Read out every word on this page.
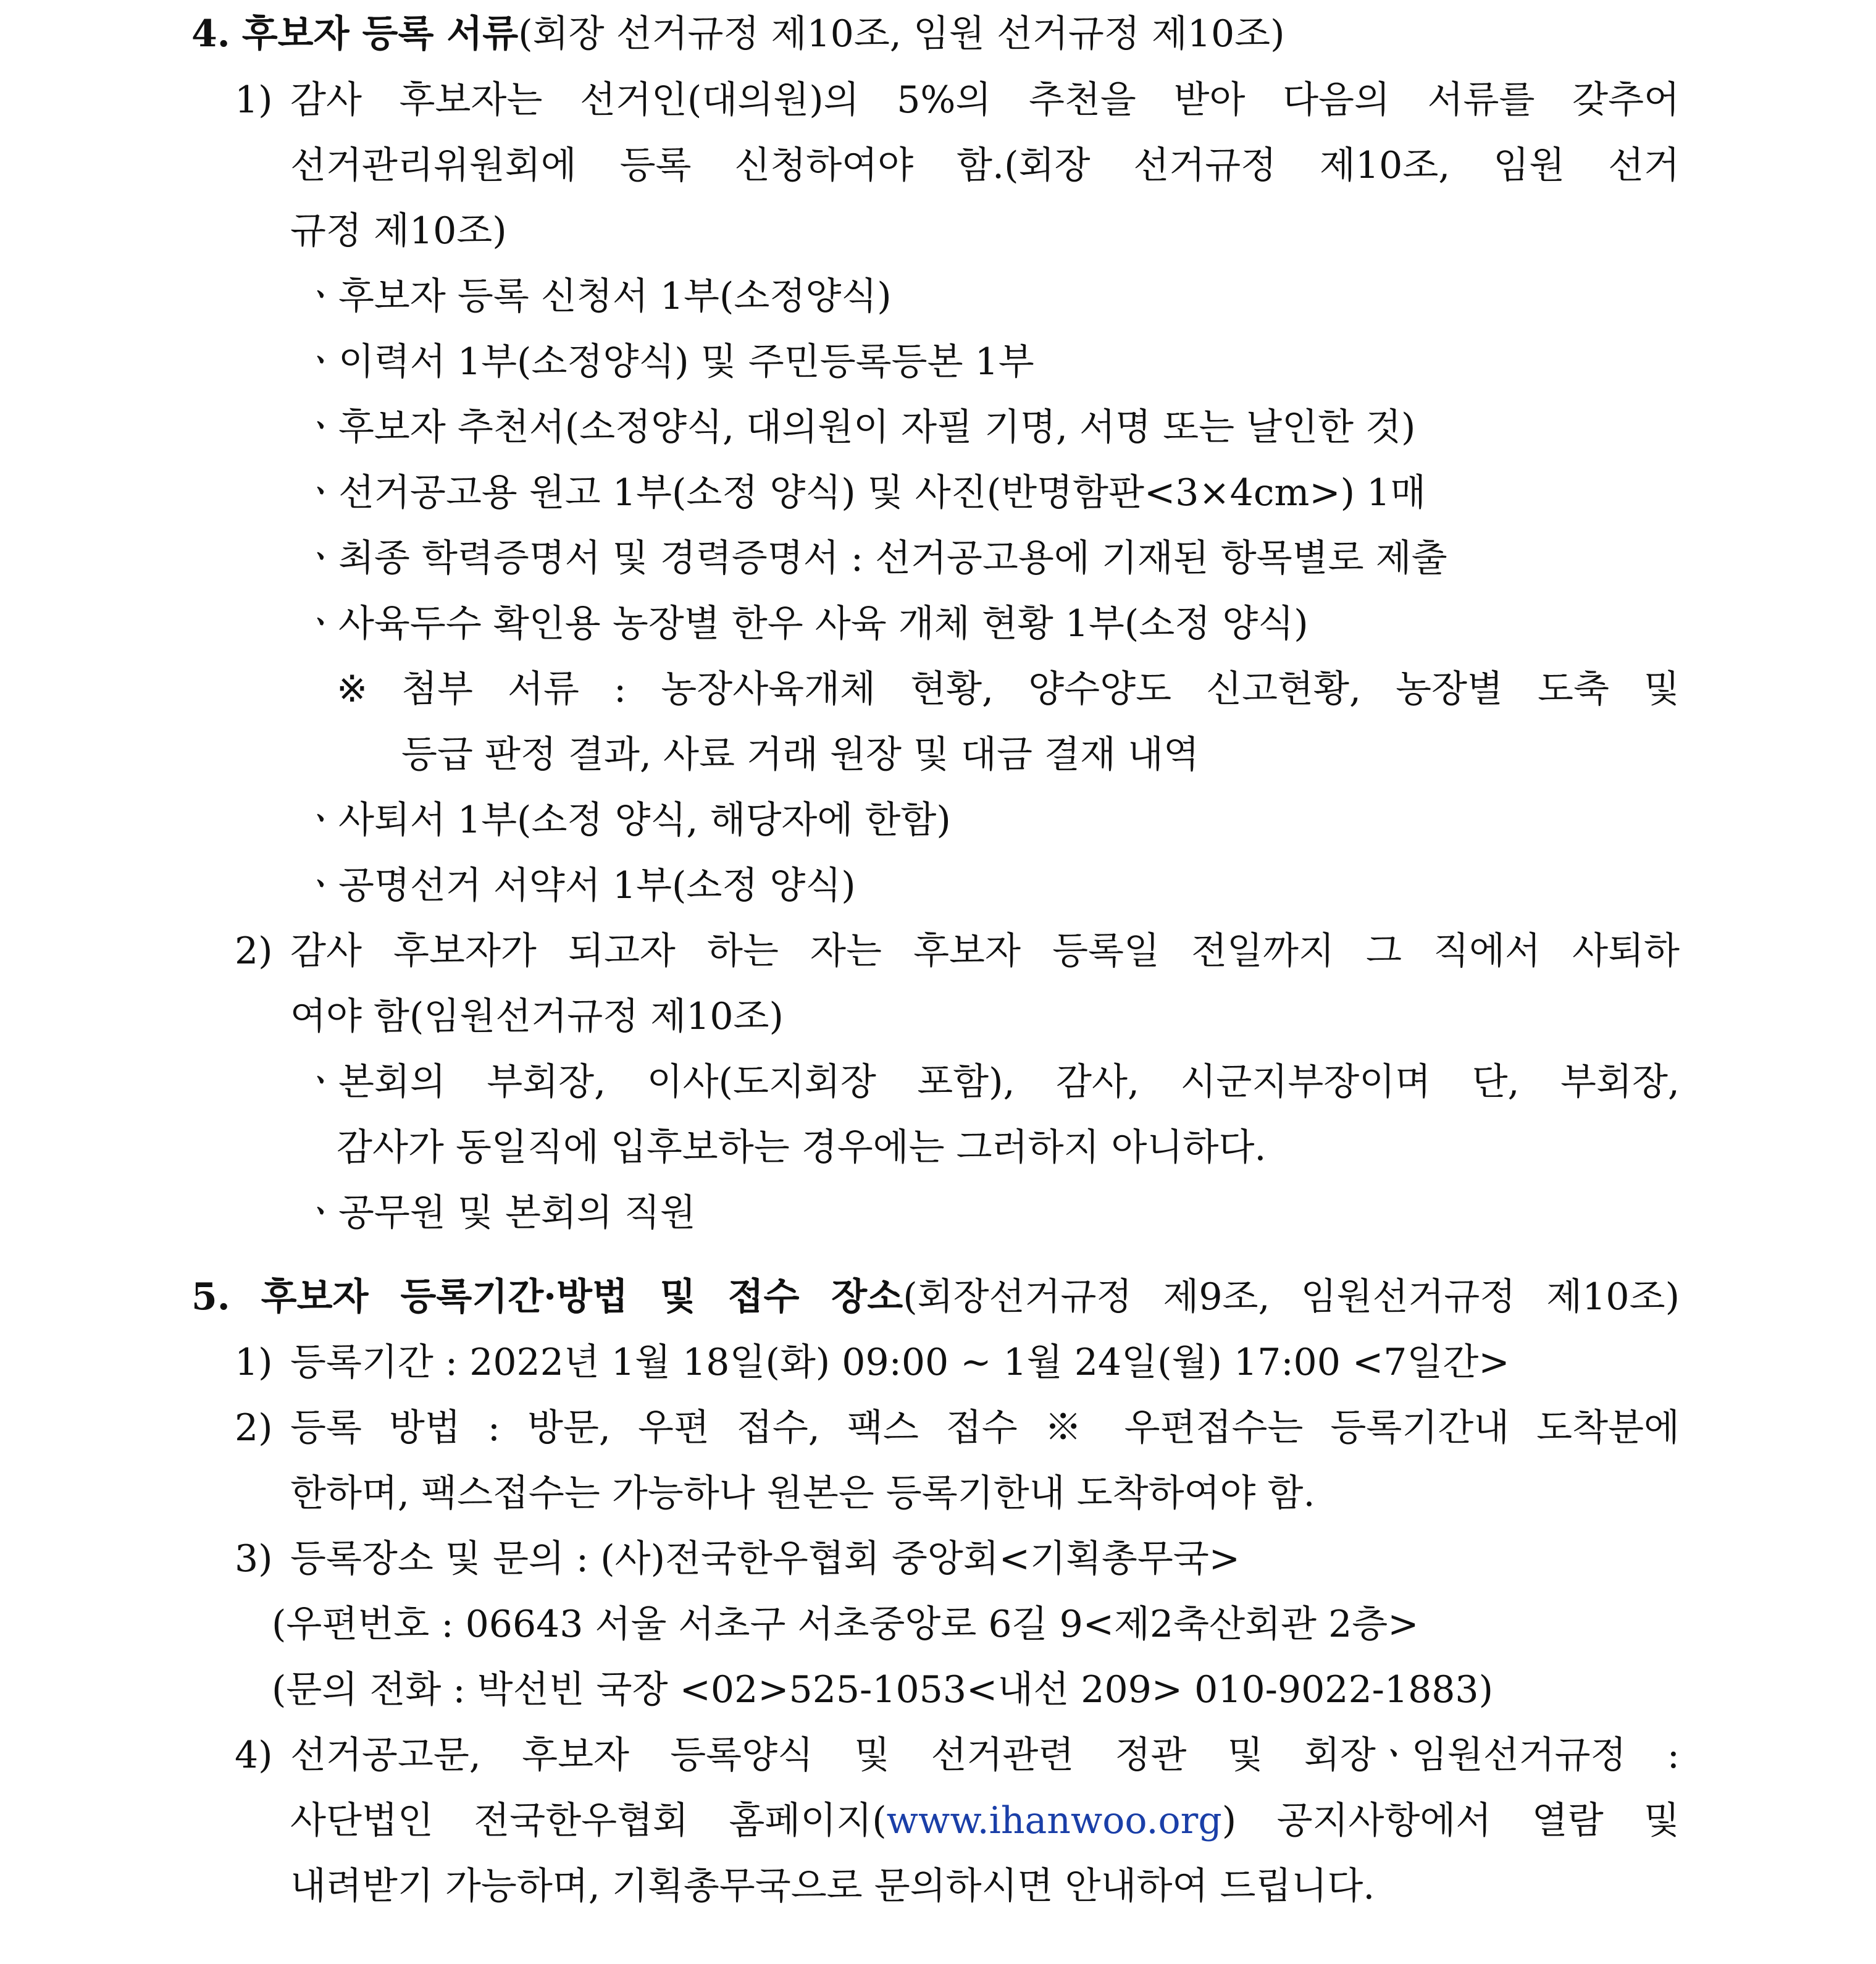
4. 후보자 등록 서류(회장 선거규정 제10조, 임원 선거규정 제10조)
1) 감사 후보자는 선거인(대의원)의 5%의 추천을 받아 다음의 서류를 갖추어
선거관리위원회에 등록 신청하여야 함.(회장 선거규정 제10조, 임원 선거
규정 제10조)
ㆍ후보자 등록 신청서 1부(소정양식)
ㆍ이력서 1부(소정양식) 및 주민등록등본 1부
ㆍ후보자 추천서(소정양식, 대의원이 자필 기명, 서명 또는 날인한 것)
ㆍ선거공고용 원고 1부(소정 양식) 및 사진(반명함판<3×4cm>) 1매
ㆍ최종 학력증명서 및 경력증명서 : 선거공고용에 기재된 항목별로 제출
ㆍ사육두수 확인용 농장별 한우 사육 개체 현황 1부(소정 양식)
※ 첨부 서류 : 농장사육개체 현황, 양수양도 신고현황, 농장별 도축 및
등급 판정 결과, 사료 거래 원장 및 대금 결재 내역
ㆍ사퇴서 1부(소정 양식, 해당자에 한함)
ㆍ공명선거 서약서 1부(소정 양식)
2) 감사 후보자가 되고자 하는 자는 후보자 등록일 전일까지 그 직에서 사퇴하
여야 함(임원선거규정 제10조)
ㆍ본회의 부회장, 이사(도지회장 포함), 감사, 시군지부장이며 단, 부회장,
감사가 동일직에 입후보하는 경우에는 그러하지 아니하다.
ㆍ공무원 및 본회의 직원
5. 후보자 등록기간·방법 및 접수 장소(회장선거규정 제9조, 임원선거규정 제10조)
1) 등록기간 : 2022년 1월 18일(화) 09:00 ~ 1월 24일(월) 17:00 <7일간>
2) 등록 방법 : 방문, 우편 접수, 팩스 접수 ※ 우편접수는 등록기간내 도착분에
한하며, 팩스접수는 가능하나 원본은 등록기한내 도착하여야 함.
3) 등록장소 및 문의 : (사)전국한우협회 중앙회<기획총무국>
(우편번호 : 06643 서울 서초구 서초중앙로 6길 9<제2축산회관 2층>
(문의 전화 : 박선빈 국장 <02>525-1053<내선 209> 010-9022-1883)
4) 선거공고문, 후보자 등록양식 및 선거관련 정관 및 회장ㆍ임원선거규정 :
사단법인 전국한우협회 홈페이지(www.ihanwoo.org) 공지사항에서 열람 및
내려받기 가능하며, 기획총무국으로 문의하시면 안내하여 드립니다.
